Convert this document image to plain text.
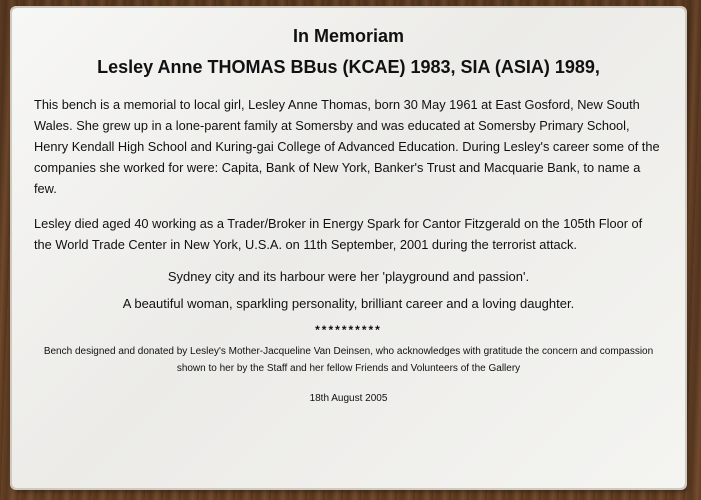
In Memoriam
Lesley Anne THOMAS BBus (KCAE) 1983, SIA (ASIA) 1989,
This bench is a memorial to local girl, Lesley Anne Thomas, born 30 May 1961 at East Gosford, New South Wales. She grew up in a lone-parent family at Somersby and was educated at Somersby Primary School, Henry Kendall High School and Kuring-gai College of Advanced Education. During Lesley's career some of the companies she worked for were: Capita, Bank of New York, Banker's Trust and Macquarie Bank, to name a few.
Lesley died aged 40 working as a Trader/Broker in Energy Spark for Cantor Fitzgerald on the 105th Floor of the World Trade Center in New York, U.S.A. on 11th September, 2001 during the terrorist attack.
Sydney city and its harbour were her 'playground and passion'.
A beautiful woman, sparkling personality, brilliant career and a loving daughter.
**********
Bench designed and donated by Lesley's Mother-Jacqueline Van Deinsen, who acknowledges with gratitude the concern and compassion shown to her by the Staff and her fellow Friends and Volunteers of the Gallery
18th August 2005
